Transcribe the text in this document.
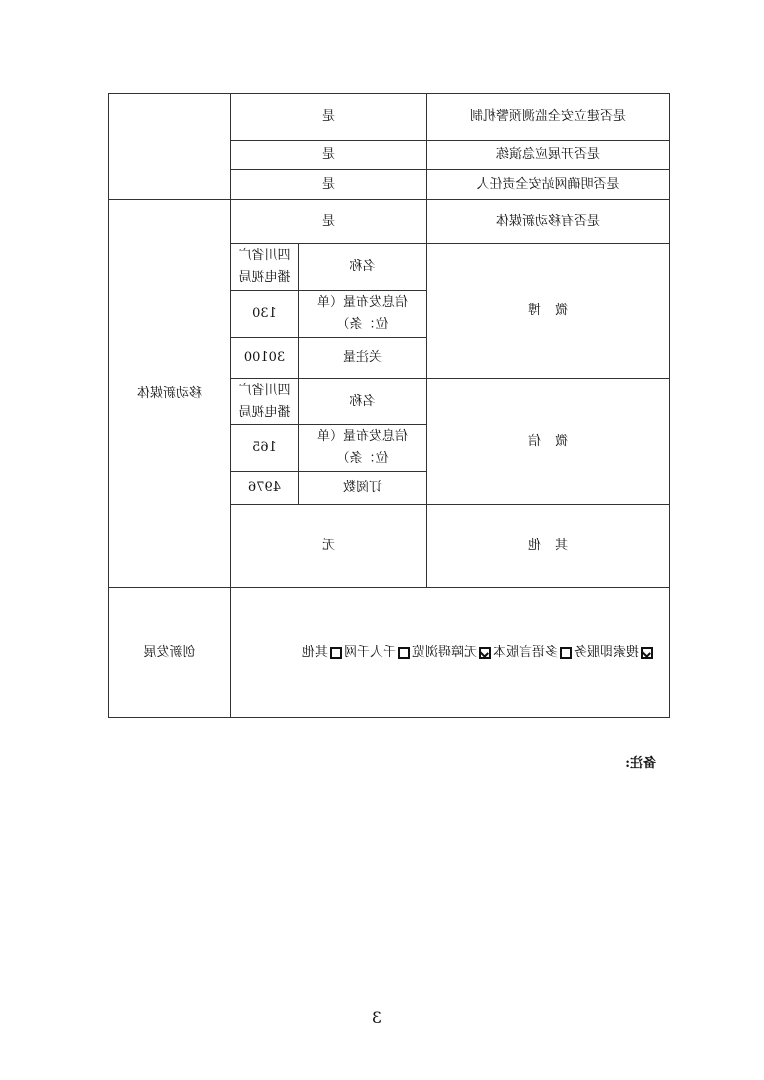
是否建立安全监测预警机制
是
是否开展应急演练
是
是否明确网站安全责任人
是
移动新媒体
是否有移动新媒体
是
微 博
名称
四川省广播电视局
信息发布量（单位：条）
130
关注量
30100
微 信
名称
四川省广播电视局
信息发布量（单位：条）
165
订阅数
4976
其 他
无
创新发展	搜索即服务
多语言版本
无障碍浏览
千人千网
其他
备注:
3
